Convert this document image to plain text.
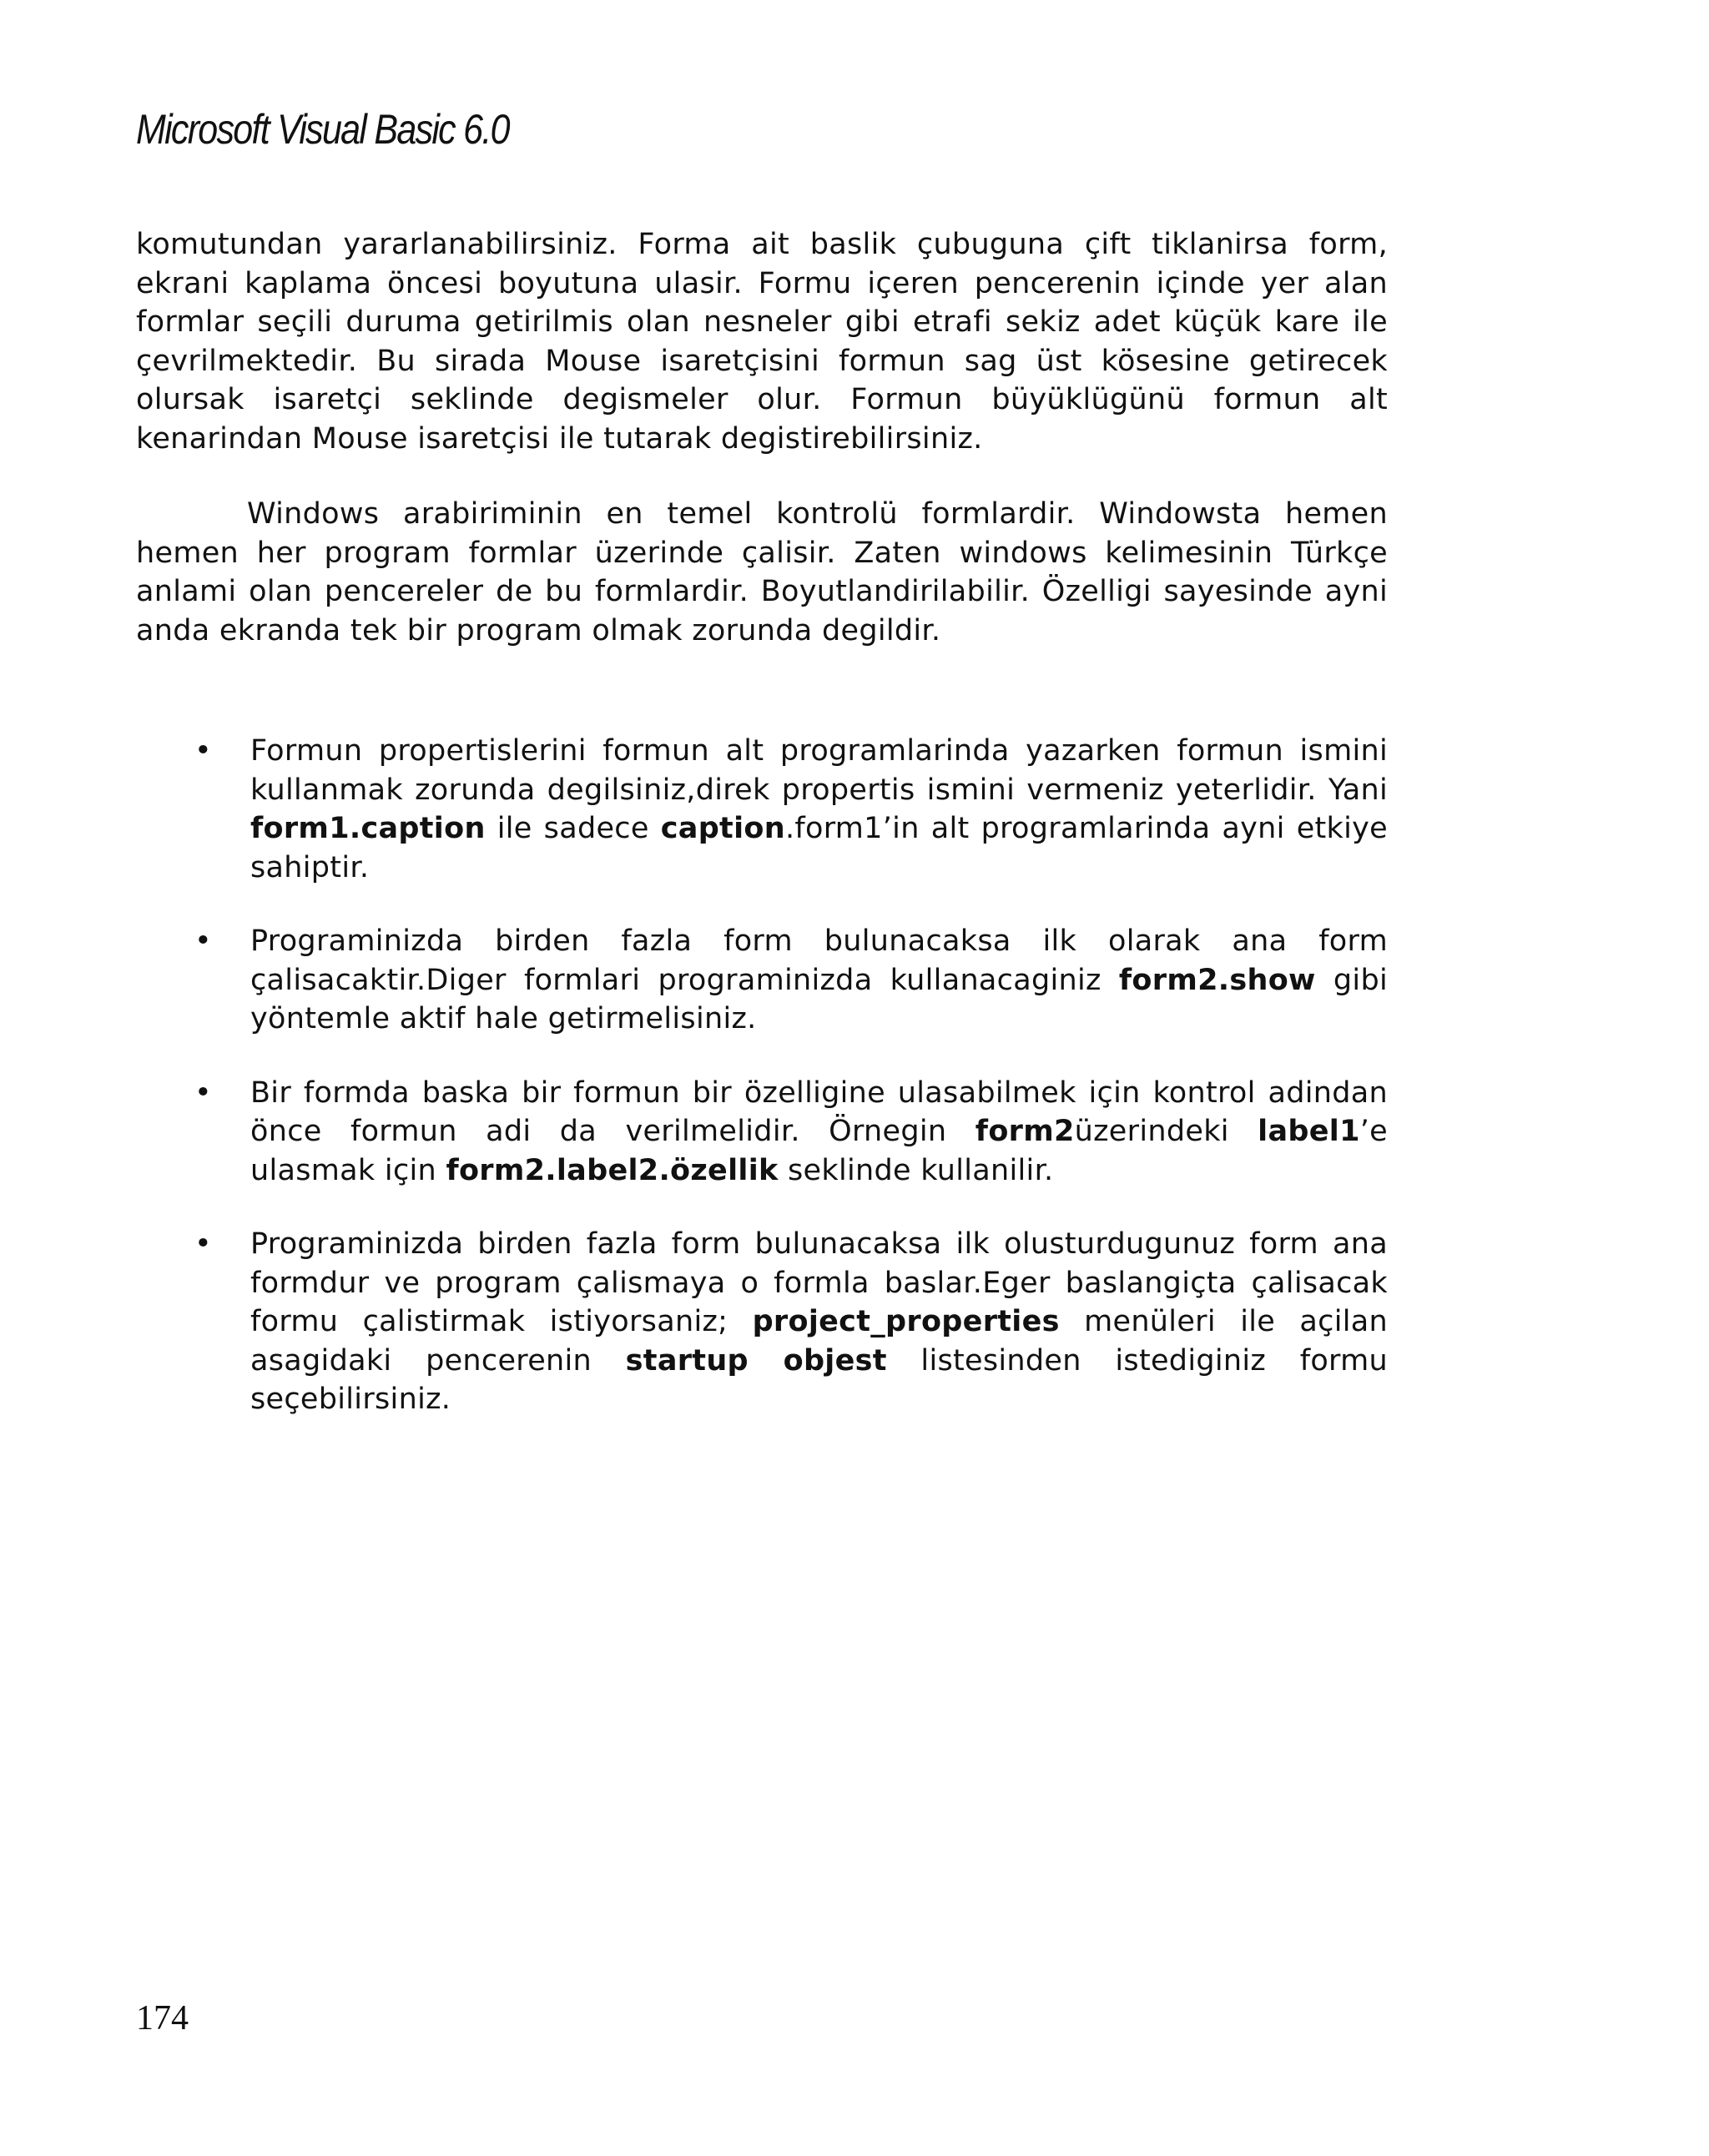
Microsoft Visual Basic 6.0

komutundan yararlanabilirsiniz. Forma ait baslik çubuguna çift tiklanirsa form, ekrani kaplama öncesi boyutuna ulasir. Formu içeren pencerenin içinde yer alan formlar seçili duruma getirilmis olan nesneler gibi etrafi sekiz adet küçük kare ile çevrilmektedir. Bu sirada Mouse isaretçisini formun sag üst kösesine getirecek olursak isaretçi seklinde degismeler olur. Formun büyüklügünü formun alt kenarindan Mouse isaretçisi ile tutarak degistirebilirsiniz.

Windows arabiriminin en temel kontrolü formlardir. Windowsta hemen hemen her program formlar üzerinde çalisir. Zaten windows kelimesinin Türkçe anlami olan pencereler de bu formlardir. Boyutlandirilabilir. Özelligi sayesinde ayni anda ekranda tek bir program olmak zorunda degildir.

• Formun propertislerini formun alt programlarinda yazarken formun ismini kullanmak zorunda degilsiniz,direk propertis ismini vermeniz yeterlidir. Yani form1.caption ile sadece caption.form1’in alt programlarinda ayni etkiye sahiptir.
• Programinizda birden fazla form bulunacaksa ilk olarak ana form çalisacaktir.Diger formlari programinizda kullanacaginiz form2.show gibi yöntemle aktif hale getirmelisiniz.
• Bir formda baska bir formun bir özelligine ulasabilmek için kontrol adindan önce formun adi da verilmelidir. Örnegin form2üzerindeki label1’e ulasmak için form2.label2.özellik seklinde kullanilir.
• Programinizda birden fazla form bulunacaksa ilk olusturdugunuz form ana formdur ve program çalismaya o formla baslar.Eger baslangiçta çalisacak formu çalistirmak istiyorsaniz; project_properties menüleri ile açilan asagidaki pencerenin startup objest listesinden istediginiz formu seçebilirsiniz.

174
